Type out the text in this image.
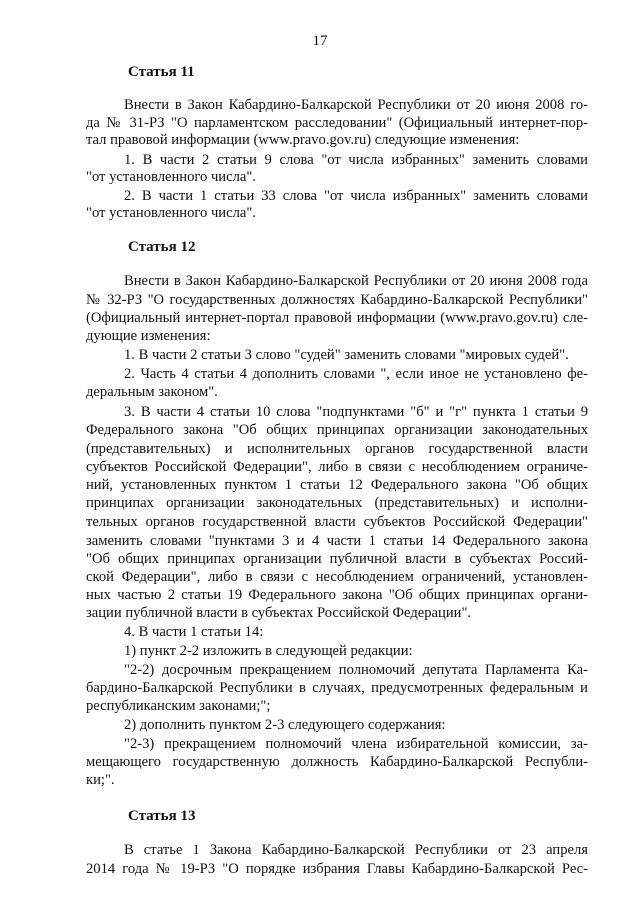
17
Статья 11
Внести в Закон Кабардино-Балкарской Республики от 20 июня 2008 го-
да № 31-РЗ "О парламентском расследовании" (Официальный интернет-пор-
тал правовой информации (www.pravo.gov.ru) следующие изменения:
1. В части 2 статьи 9 слова "от числа избранных" заменить словами
"от установленного числа".
2. В части 1 статьи 33 слова "от числа избранных" заменить словами
"от установленного числа".
Статья 12
Внести в Закон Кабардино-Балкарской Республики от 20 июня 2008 года
№ 32-РЗ "О государственных должностях Кабардино-Балкарской Республики"
(Официальный интернет-портал правовой информации (www.pravo.gov.ru) сле-
дующие изменения:
1. В части 2 статьи 3 слово "судей" заменить словами "мировых судей".
2. Часть 4 статьи 4 дополнить словами ", если иное не установлено фе-
деральным законом".
3. В части 4 статьи 10 слова "подпунктами "б" и "г" пункта 1 статьи 9
Федерального закона "Об общих принципах организации законодательных
(представительных) и исполнительных органов государственной власти
субъектов Российской Федерации", либо в связи с несоблюдением ограниче-
ний, установленных пунктом 1 статьи 12 Федерального закона "Об общих
принципах организации законодательных (представительных) и исполни-
тельных органов государственной власти субъектов Российской Федерации"
заменить словами "пунктами 3 и 4 части 1 статьи 14 Федерального закона
"Об общих принципах организации публичной власти в субъектах Россий-
ской Федерации", либо в связи с несоблюдением ограничений, установлен-
ных частью 2 статьи 19 Федерального закона "Об общих принципах органи-
зации публичной власти в субъектах Российской Федерации".
4. В части 1 статьи 14:
1) пункт 2-2 изложить в следующей редакции:
"2-2) досрочным прекращением полномочий депутата Парламента Ка-
бардино-Балкарской Республики в случаях, предусмотренных федеральным и
республиканским законами;";
2) дополнить пунктом 2-3 следующего содержания:
"2-3) прекращением полномочий члена избирательной комиссии, за-
мещающего государственную должность Кабардино-Балкарской Республи-
ки;".
Статья 13
В статье 1 Закона Кабардино-Балкарской Республики от 23 апреля
2014 года № 19-РЗ "О порядке избрания Главы Кабардино-Балкарской Рес-
